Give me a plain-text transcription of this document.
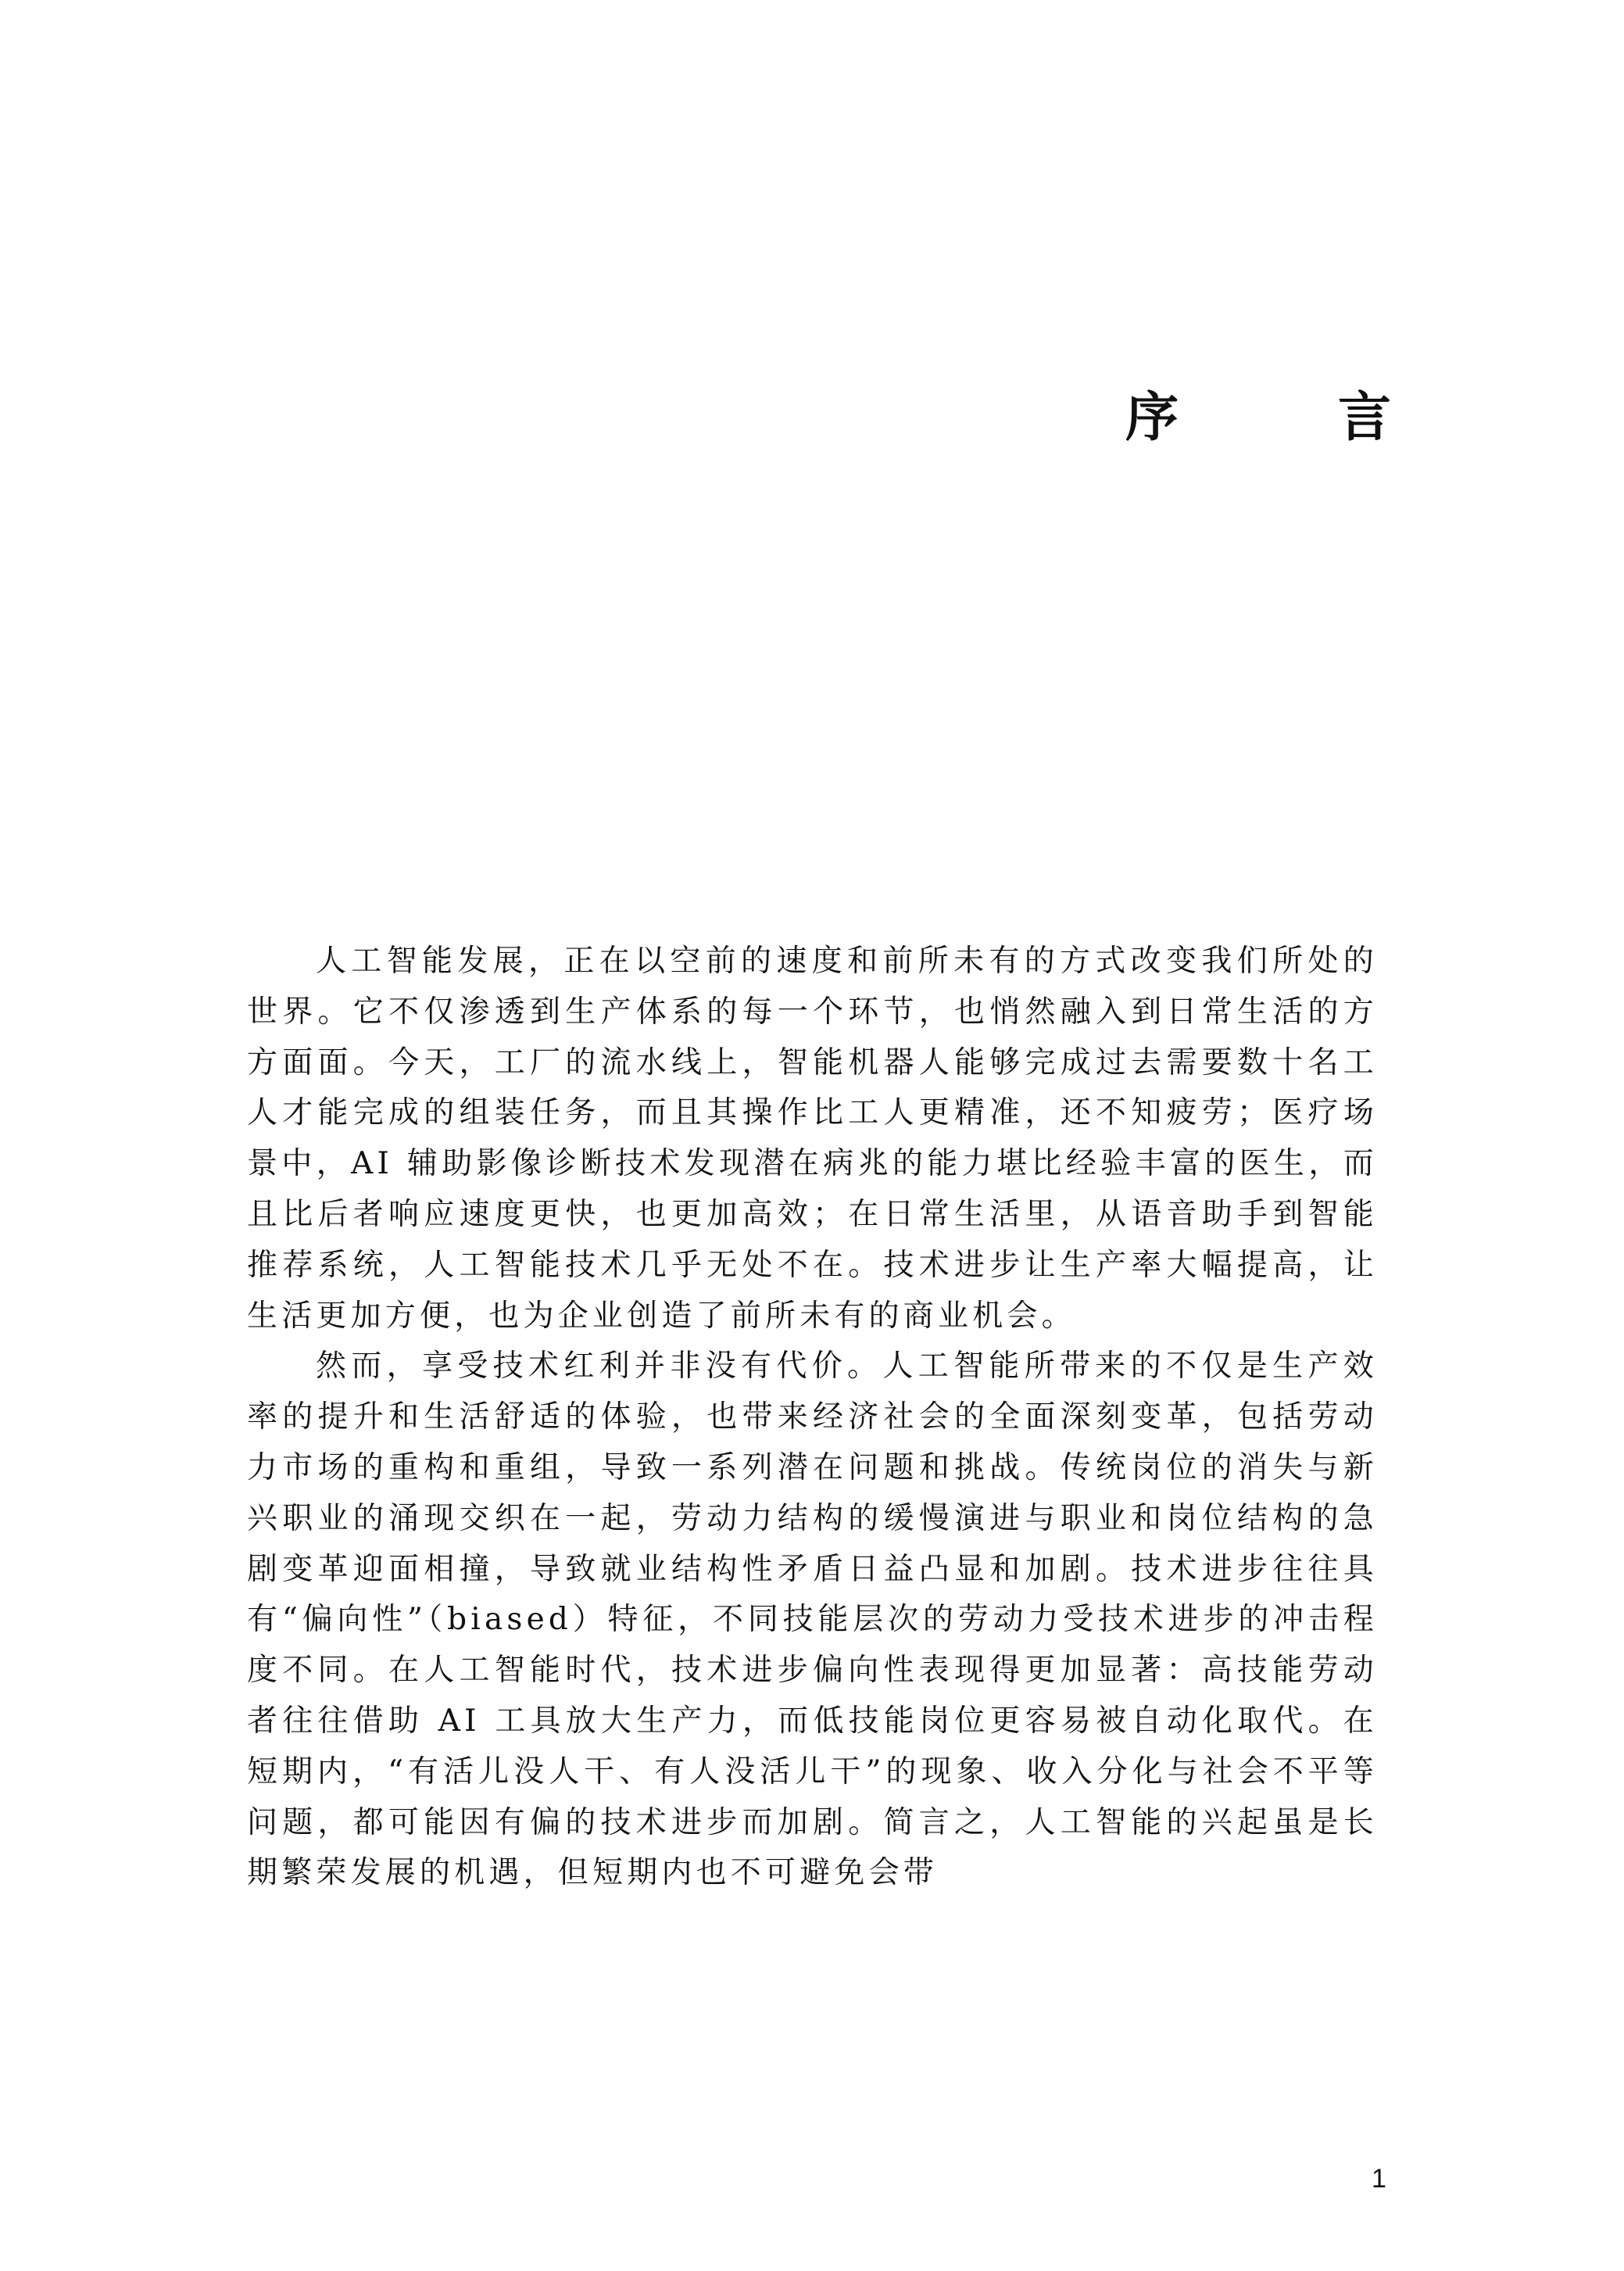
序	言

人工智能发展，正在以空前的速度和前所未有的方式改变我们所处的世界。它不仅渗透到生产体系的每一个环节，也悄然融入到日常生活的方方面面。今天，工厂的流水线上，智能机器人能够完成过去需要数十名工人才能完成的组装任务，而且其操作比工人更精准，还不知疲劳；医疗场景中，AI 辅助影像诊断技术发现潜在病兆的能力堪比经验丰富的医生，而且比后者响应速度更快，也更加高效；在日常生活里，从语音助手到智能推荐系统，人工智能技术几乎无处不在。技术进步让生产率大幅提高，让生活更加方便，也为企业创造了前所未有的商业机会。

然而，享受技术红利并非没有代价。人工智能所带来的不仅是生产效率的提升和生活舒适的体验，也带来经济社会的全面深刻变革，包括劳动力市场的重构和重组，导致一系列潜在问题和挑战。传统岗位的消失与新兴职业的涌现交织在一起，劳动力结构的缓慢演进与职业和岗位结构的急剧变革迎面相撞，导致就业结构性矛盾日益凸显和加剧。技术进步往往具有“偏向性”（biased）特征，不同技能层次的劳动力受技术进步的冲击程度不同。在人工智能时代，技术进步偏向性表现得更加显著：高技能劳动者往往借助 AI 工具放大生产力，而低技能岗位更容易被自动化取代。在短期内，“有活儿没人干、有人没活儿干”的现象、收入分化与社会不平等问题，都可能因有偏的技术进步而加剧。简言之，人工智能的兴起虽是长期繁荣发展的机遇，但短期内也不可避免会带

1
